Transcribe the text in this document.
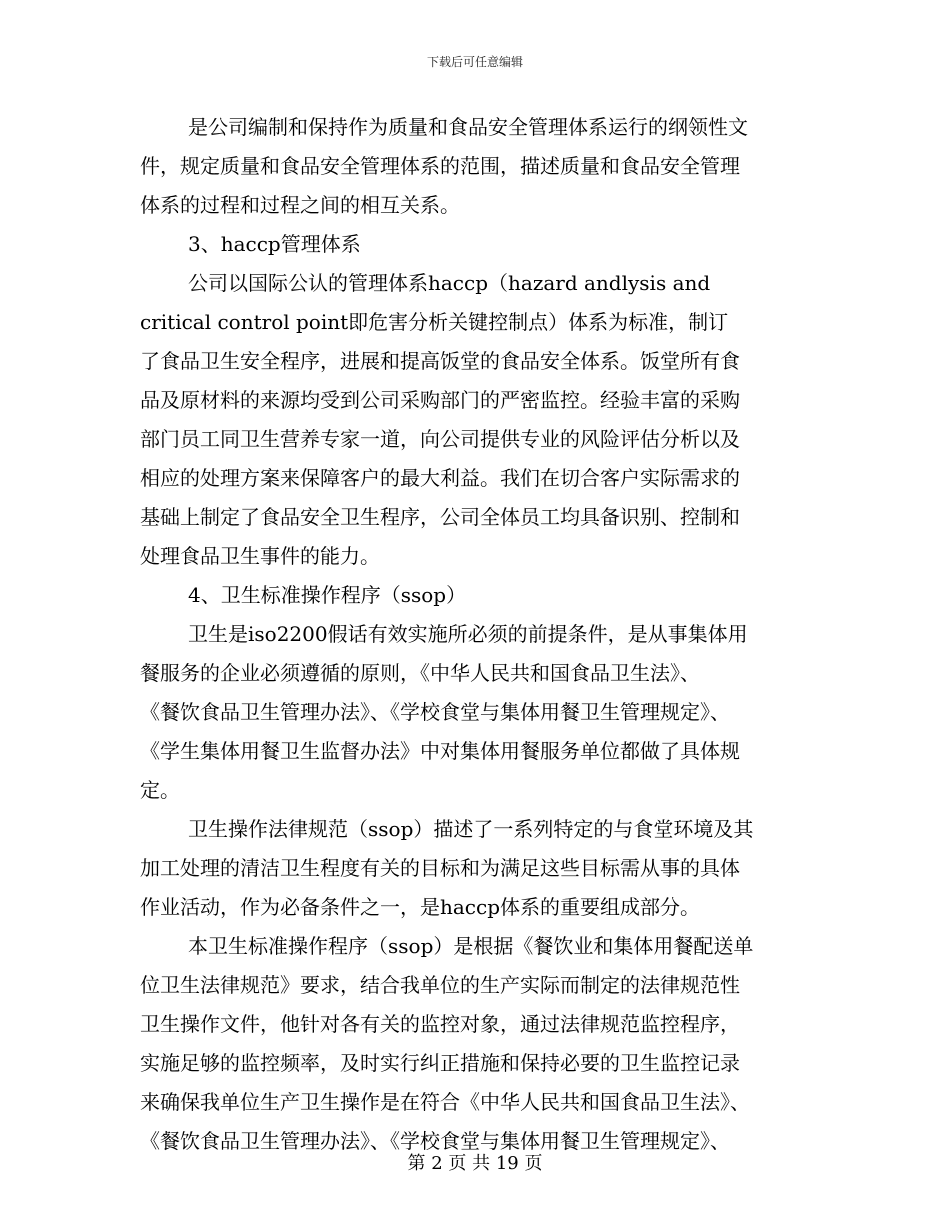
下载后可任意编辑
是公司编制和保持作为质量和食品安全管理体系运行的纲领性文
件，规定质量和食品安全管理体系的范围，描述质量和食品安全管理
体系的过程和过程之间的相互关系。
3、haccp管理体系
公司以国际公认的管理体系haccp（hazard andlysis and
critical control point即危害分析关键控制点）体系为标准，制订
了食品卫生安全程序，进展和提高饭堂的食品安全体系。饭堂所有食
品及原材料的来源均受到公司采购部门的严密监控。经验丰富的采购
部门员工同卫生营养专家一道，向公司提供专业的风险评估分析以及
相应的处理方案来保障客户的最大利益。我们在切合客户实际需求的
基础上制定了食品安全卫生程序，公司全体员工均具备识别、控制和
处理食品卫生事件的能力。
4、卫生标准操作程序（ssop）
卫生是iso2200假话有效实施所必须的前提条件，是从事集体用
餐服务的企业必须遵循的原则，《中华人民共和国食品卫生法》、
《餐饮食品卫生管理办法》、《学校食堂与集体用餐卫生管理规定》、
《学生集体用餐卫生监督办法》中对集体用餐服务单位都做了具体规
定。
卫生操作法律规范（ssop）描述了一系列特定的与食堂环境及其
加工处理的清洁卫生程度有关的目标和为满足这些目标需从事的具体
作业活动，作为必备条件之一，是haccp体系的重要组成部分。
本卫生标准操作程序（ssop）是根据《餐饮业和集体用餐配送单
位卫生法律规范》要求，结合我单位的生产实际而制定的法律规范性
卫生操作文件，他针对各有关的监控对象，通过法律规范监控程序，
实施足够的监控频率，及时实行纠正措施和保持必要的卫生监控记录
来确保我单位生产卫生操作是在符合《中华人民共和国食品卫生法》、
《餐饮食品卫生管理办法》、《学校食堂与集体用餐卫生管理规定》、
第 2 页 共 19 页
